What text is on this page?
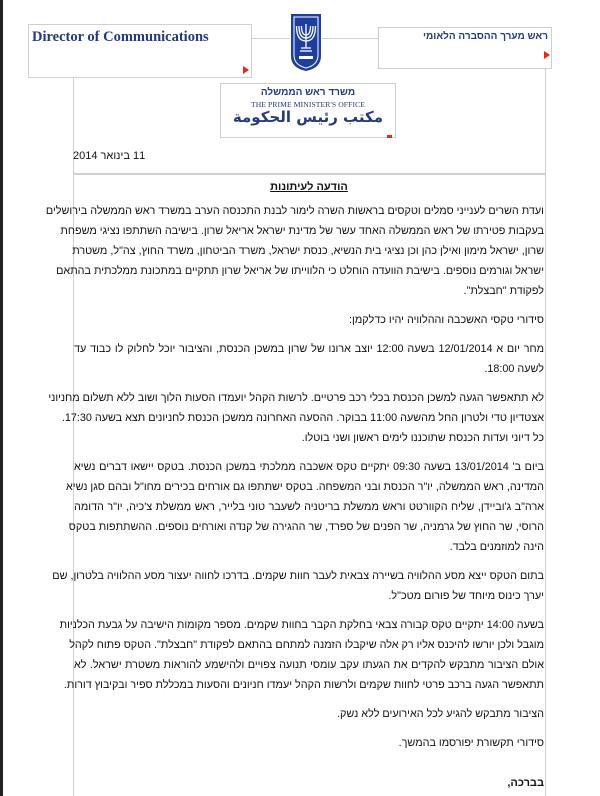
Director of Communications	ראש מערך ההסברה הלאומי
משרד ראש הממשלה
THE PRIME MINISTER'S OFFICE
مكتب رئيس الحكومة
11 בינואר 2014
הודעה לעיתונות
ועדת השרים לענייני סמלים וטקסים בראשות השרה לימור לבנת התכנסה הערב במשרד ראש הממשלה בירושלים
בעקבות פטירתו של ראש הממשלה האחד עשר של מדינת ישראל אריאל שרון. בישיבה השתתפו נציגי משפחת
שרון, ישראל מימון ואילן כהן וכן נציגי בית הנשיא, כנסת ישראל, משרד הביטחון, משרד החוץ, צה"ל, משטרת
ישראל וגורמים נוספים. בישיבת הוועדה הוחלט כי הלווייתו של אריאל שרון תתקיים במתכונת ממלכתית בהתאם
לפקודת "חבצלת".
סידורי טקסי האשכבה וההלוויה יהיו כדלקמן:
מחר יום א 12/01/2014 בשעה 12:00 יוצב ארונו של שרון במשכן הכנסת, והציבור יוכל לחלוק לו כבוד עד
לשעה 18:00.
לא תתאפשר הגעה למשכן הכנסת בכלי רכב פרטיים. לרשות הקהל יועמדו הסעות הלוך ושוב ללא תשלום מחניוני
אצטדיון טדי ולטרון החל מהשעה 11:00 בבוקר. ההסעה האחרונה ממשכן הכנסת לחניונים תצא בשעה 17:30.
כל דיוני ועדות הכנסת שתוכננו לימים ראשון ושני בוטלו.
ביום ב' 13/01/2014 בשעה 09:30 יתקיים טקס אשכבה ממלכתי במשכן הכנסת. בטקס יישאו דברים נשיא
המדינה, ראש הממשלה, יו"ר הכנסת ובני המשפחה. בטקס ישתתפו גם אורחים בכירים מחו"ל ובהם סגן נשיא
ארה"ב ג'וביידן, שליח הקוורטט וראש ממשלת בריטניה לשעבר טוני בלייר, ראש ממשלת צ'כיה, יו"ר הדומה
הרוסי, שר החוץ של גרמניה, שר הפנים של ספרד, שר ההגירה של קנדה ואורחים נוספים. ההשתתפות בטקס
הינה למוזמנים בלבד.
בתום הטקס ייצא מסע ההלוויה בשיירה צבאית לעבר חוות שקמים. בדרכו לחווה יעצור מסע ההלוויה בלטרון, שם
יערך כינוס מיוחד של פורום מטכ"ל.
בשעה 14:00 יתקיים טקס קבורה צבאי בחלקת הקבר בחוות שקמים. מספר מקומות הישיבה על גבעת הכלניות
מוגבל ולכן יורשו להיכנס אליו רק אלה שיקבלו הזמנה למתחם בהתאם לפקודת "חבצלת". הטקס פתוח לקהל
אולם הציבור מתבקש להקדים את הגעתו עקב עומסי תנועה צפויים ולהישמע להוראות משטרת ישראל. לא
תתאפשר הגעה ברכב פרטי לחוות שקמים ולרשות הקהל יעמדו חניונים והסעות במכללת ספיר ובקיבוץ דורות.
הציבור מתבקש להגיע לכל האירועים ללא נשק.
סידורי תקשורת יפורסמו בהמשך.
בברכה,
